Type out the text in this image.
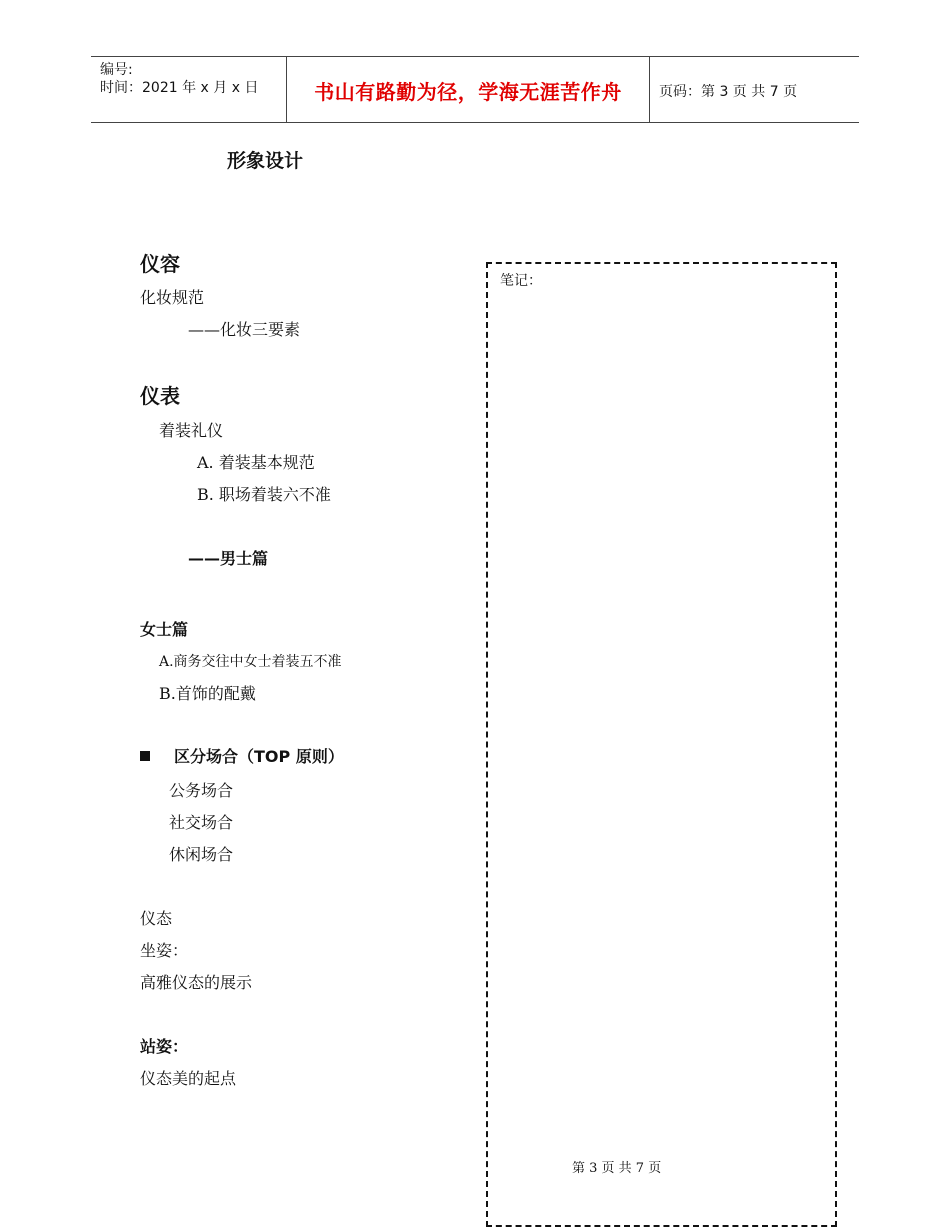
编号:
时间：2021 年 x 月 x 日	书山有路勤为径，学海无涯苦作舟	页码：第 3 页 共 7 页
形象设计
仪容
化妆规范
——化妆三要素
仪表
着装礼仪
A. 着装基本规范
B. 职场着装六不准
——男士篇
女士篇
A.商务交往中女士着装五不准
B.首饰的配戴
区分场合（TOP 原则）
公务场合
社交场合
休闲场合
仪态
坐姿：
高雅仪态的展示
站姿：
仪态美的起点
笔记：
第 3 页 共 7 页
